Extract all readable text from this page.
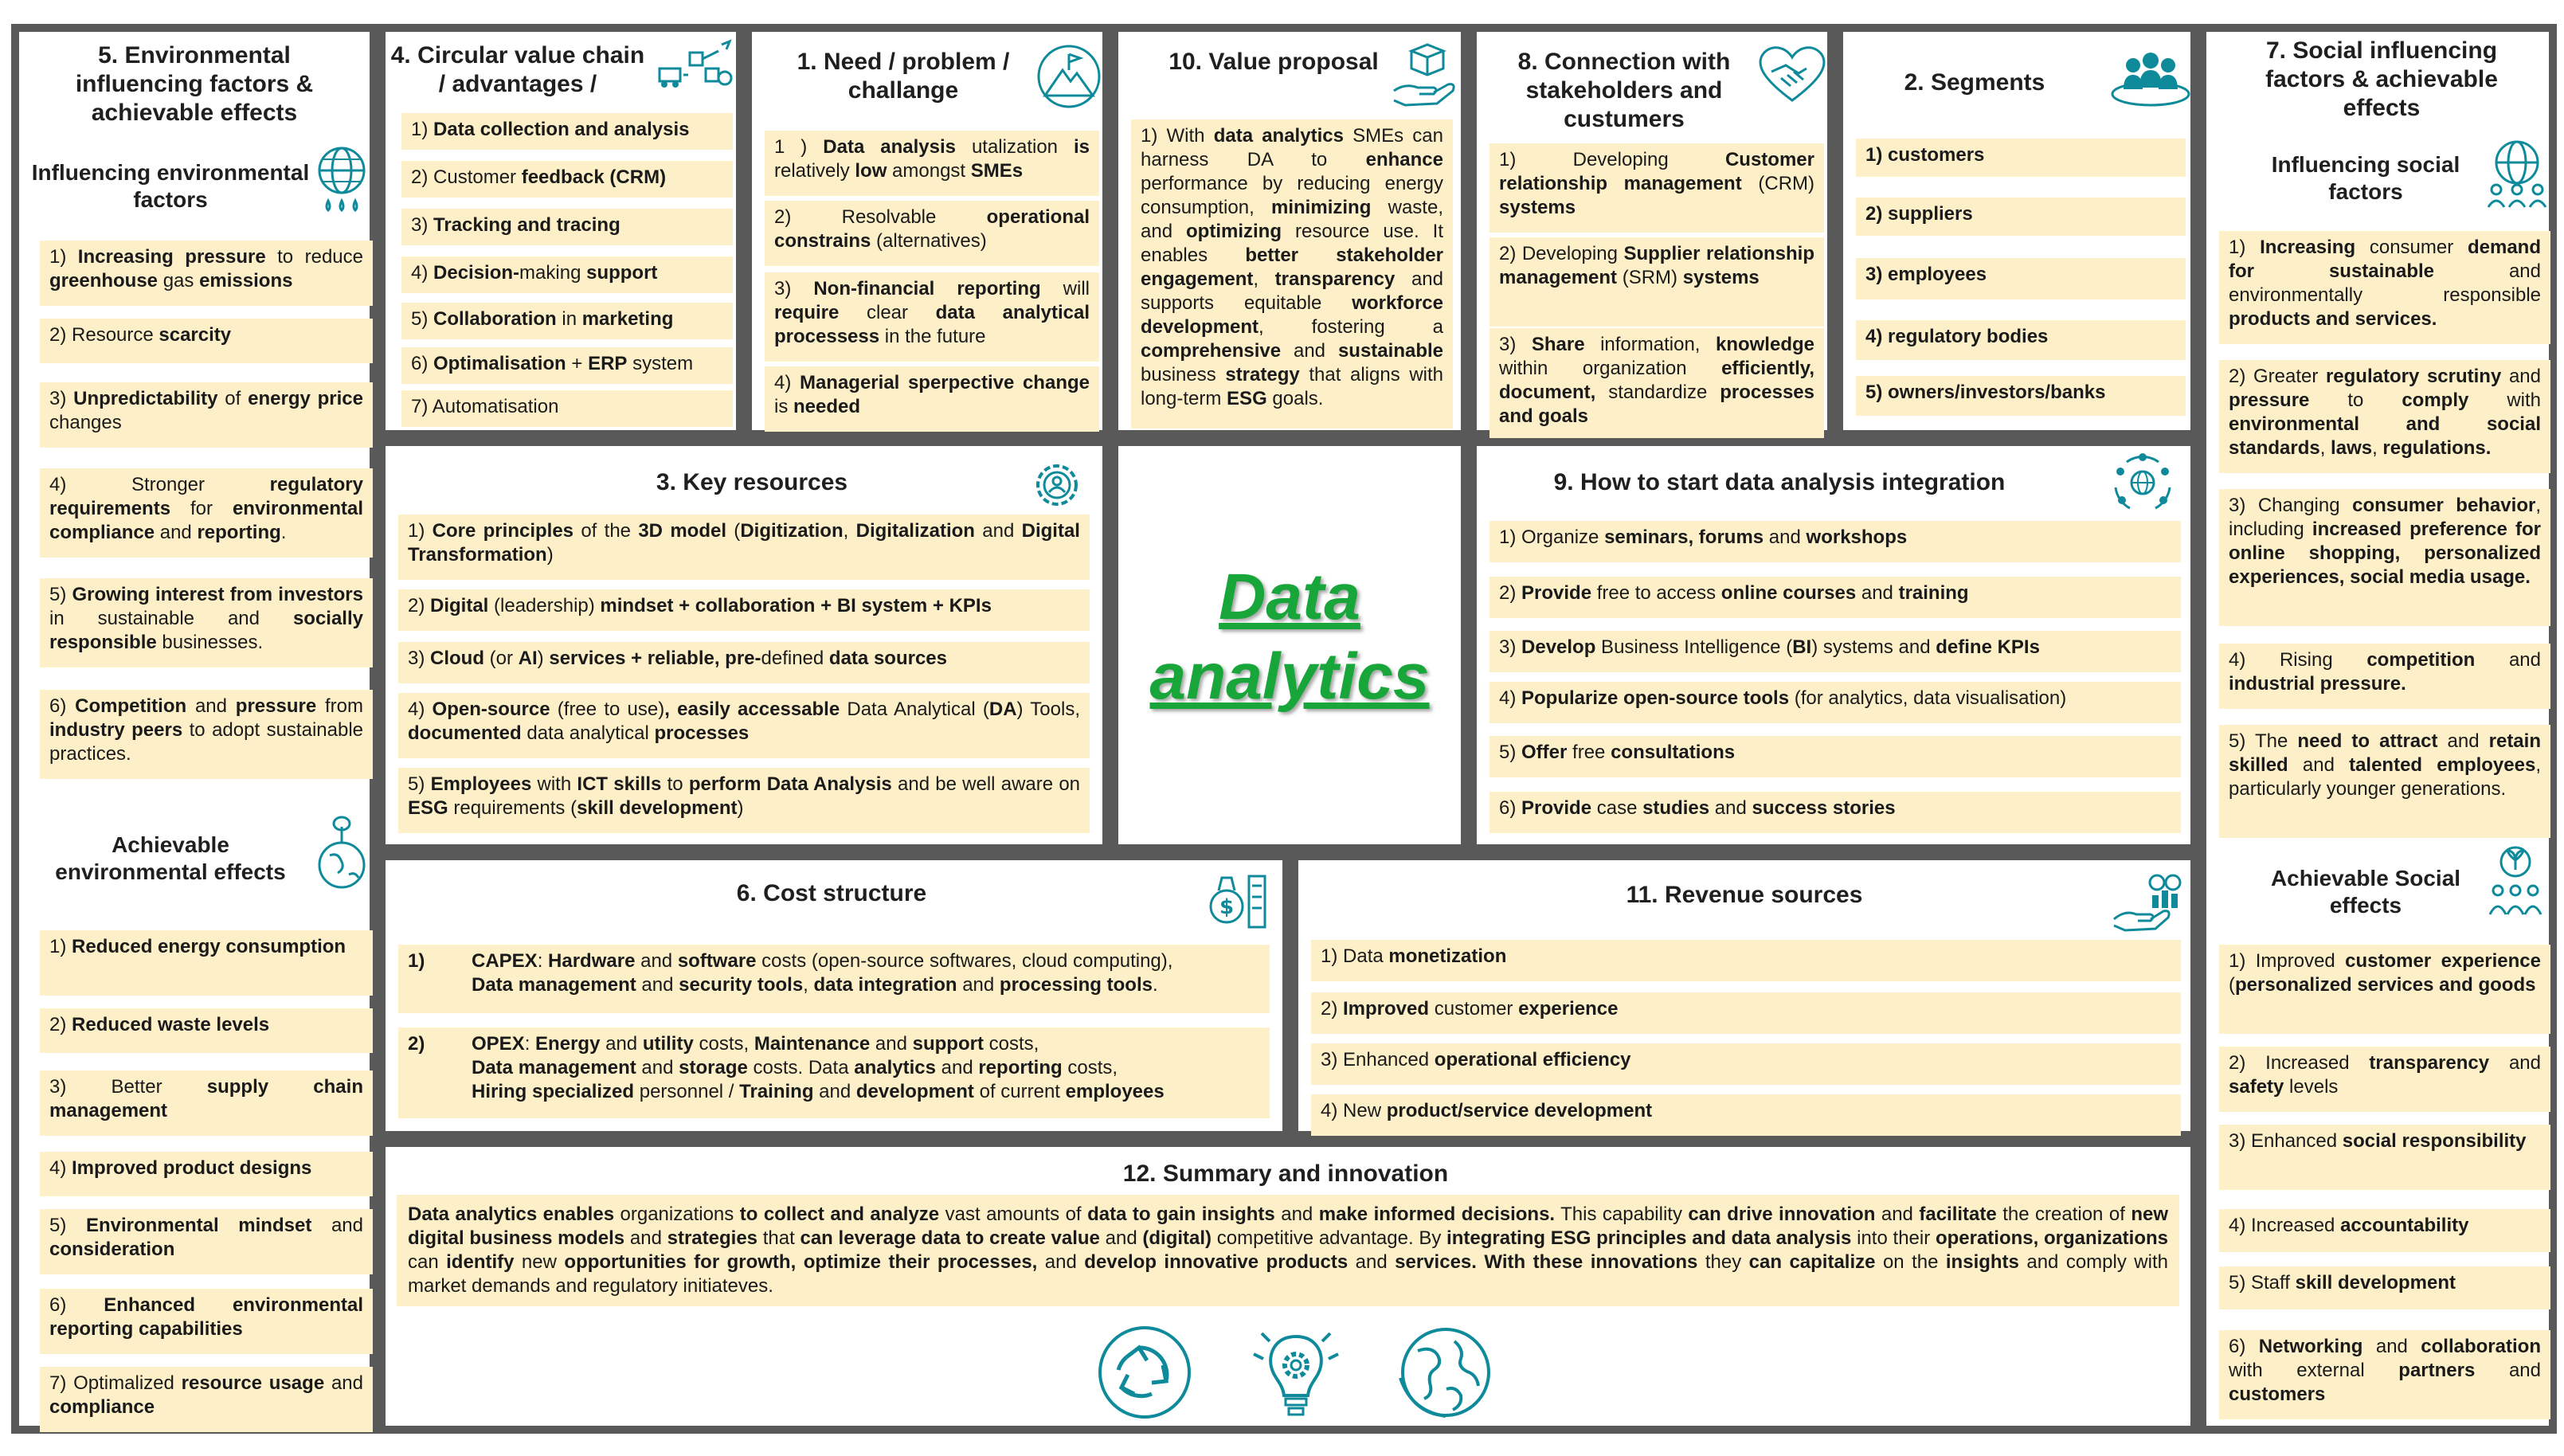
5. Environmental influencing factors & achievable effects
Influencing environmental factors
1) Increasing pressure to reduce greenhouse gas emissions
2) Resource scarcity
3) Unpredictability of energy price changes
4) Stronger regulatory requirements for environmental compliance and reporting.
5) Growing interest from investors in sustainable and socially responsible businesses.
6) Competition and pressure from industry peers to adopt sustainable practices.
Achievable environmental effects
1) Reduced energy consumption
2) Reduced waste levels
3) Better supply chain management
4) Improved product designs
5) Environmental mindset and consideration
6) Enhanced environmental reporting capabilities
7) Optimalized resource usage and compliance
4. Circular value chain / advantages /
1) Data collection and analysis
2) Customer feedback (CRM)
3) Tracking and tracing
4) Decision-making support
5) Collaboration in marketing
6) Optimalisation + ERP system
7) Automatisation
1. Need / problem / challange
1 ) Data analysis utalization is relatively low amongst SMEs
2) Resolvable operational constrains (alternatives)
3) Non-financial reporting will require clear data analytical processess in the future
4) Managerial sperpective change is needed
10. Value proposal
1) With data analytics SMEs can harness DA to enhance performance by reducing energy consumption, minimizing waste, and optimizing resource use. It enables better stakeholder engagement, transparency and supports equitable workforce development, fostering a comprehensive and sustainable business strategy that aligns with long-term ESG goals.
8. Connection with stakeholders and custumers
1) Developing Customer relationship management (CRM) systems
2) Developing Supplier relationship management (SRM) systems
3) Share information, knowledge within organization efficiently, document, standardize processes and goals
2. Segments
1) customers
2) suppliers
3) employees
4) regulatory bodies
5) owners/investors/banks
7. Social influencing factors & achievable effects
Influencing social factors
1) Increasing consumer demand for sustainable and environmentally responsible products and services.
2) Greater regulatory scrutiny and pressure to comply with environmental and social standards, laws, regulations.
3) Changing consumer behavior, including increased preference for online shopping, personalized experiences, social media usage.
4) Rising competition and industrial pressure.
5) The need to attract and retain skilled and talented employees, particularly younger generations.
Achievable Social effects
1) Improved customer experience (personalized services and goods
2) Increased transparency and safety levels
3) Enhanced social responsibility
4) Increased accountability
5) Staff skill development
6) Networking and collaboration with external partners and customers
3. Key resources
1) Core principles of the 3D model (Digitization, Digitalization and Digital Transformation)
2) Digital (leadership) mindset + collaboration + BI system + KPIs
3) Cloud (or AI) services + reliable, pre-defined data sources
4) Open-source (free to use), easily accessable Data Analytical (DA) Tools, documented data analytical processes
5) Employees with ICT skills to perform Data Analysis and be well aware on ESG requirements (skill development)
Data
analytics
9. How to start data analysis integration
1) Organize seminars, forums and workshops
2) Provide free to access online courses and training
3) Develop Business Intelligence (BI) systems and define KPIs
4) Popularize open-source tools (for analytics, data visualisation)
5) Offer free consultations
6) Provide case studies and success stories
6. Cost structure
$
1)	CAPEX: Hardware and software costs (open-source softwares, cloud computing),
Data management and security tools, data integration and processing tools.
2)	OPEX: Energy and utility costs, Maintenance and support costs,
Data management and storage costs. Data analytics and reporting costs,
Hiring specialized personnel / Training and development of current employees
11. Revenue sources
1) Data monetization
2) Improved customer experience
3) Enhanced operational efficiency
4) New product/service development
12. Summary and innovation
Data analytics enables organizations to collect and analyze vast amounts of data to gain insights and make informed decisions. This capability can drive innovation and facilitate the creation of new digital business models and strategies that can leverage data to create value and (digital) competitive advantage. By integrating ESG principles and data analysis into their operations, organizations can identify new opportunities for growth, optimize their processes, and develop innovative products and services. With these innovations they can capitalize on the insights and comply with market demands and regulatory initiateves.
